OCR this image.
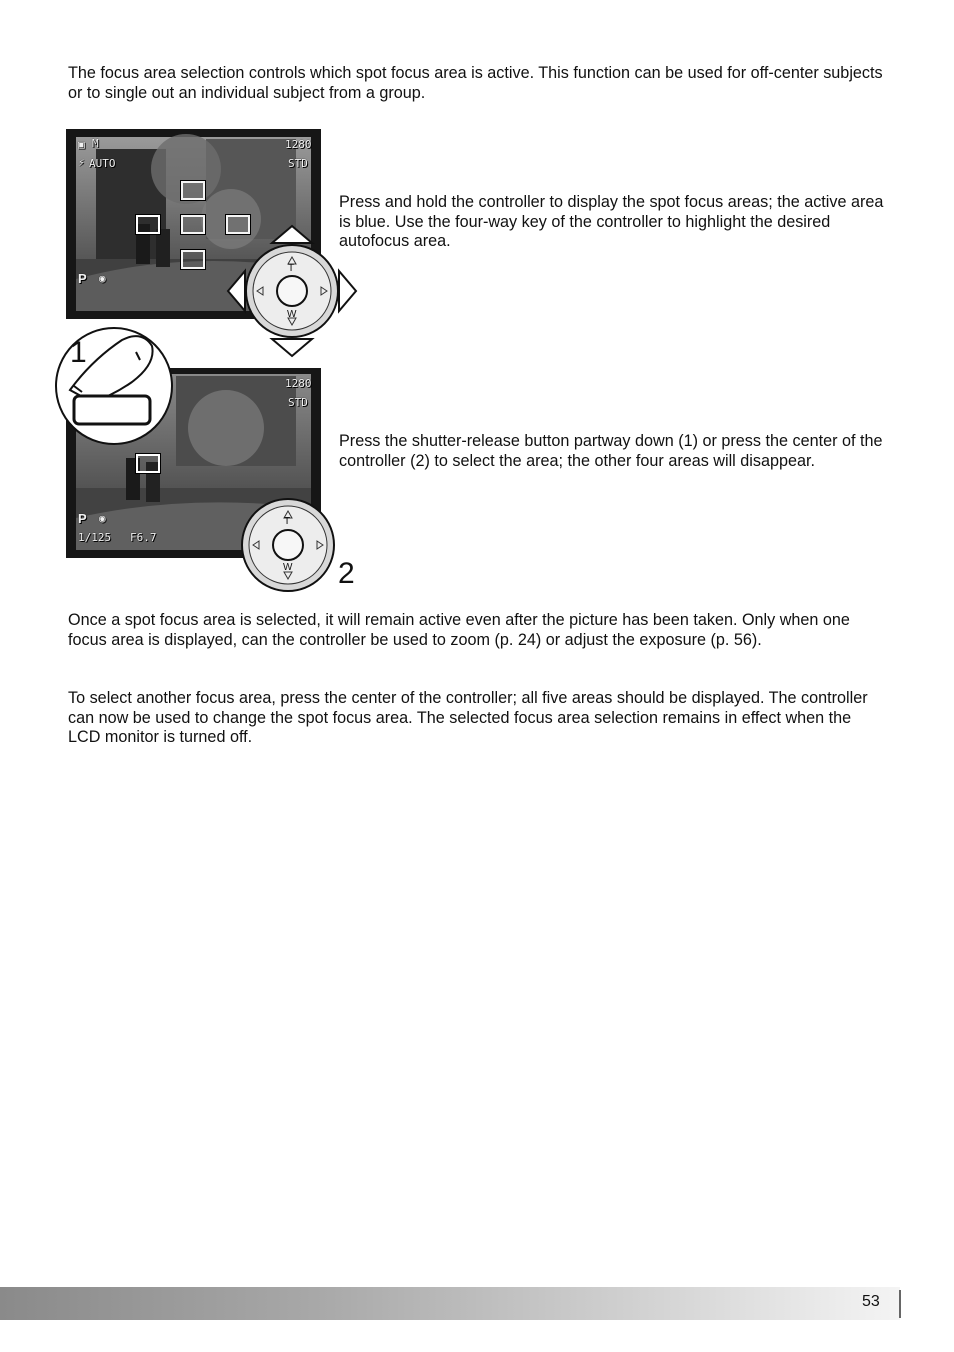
The focus area selection controls which spot focus area is active. This function can be used for off-center subjects or to single out an individual subject from a group.

▣ M
⚡ AUTO
1280
STD
P ◉
T
W

Press and hold the controller to display the spot focus areas; the active area is blue. Use the four-way key of the controller to highlight the desired autofocus area.

1280
STD
P ◉
1/125 F6.7
1
T
W 2

Press the shutter-release button partway down (1) or press the center of the controller (2) to select the area; the other four areas will disappear.

Once a spot focus area is selected, it will remain active even after the picture has been taken. Only when one focus area is displayed, can the controller be used to zoom (p. 24) or adjust the exposure (p. 56).

To select another focus area, press the center of the controller; all five areas should be displayed. The controller can now be used to change the spot focus area. The selected focus area selection remains in effect when the LCD monitor is turned off.

53
